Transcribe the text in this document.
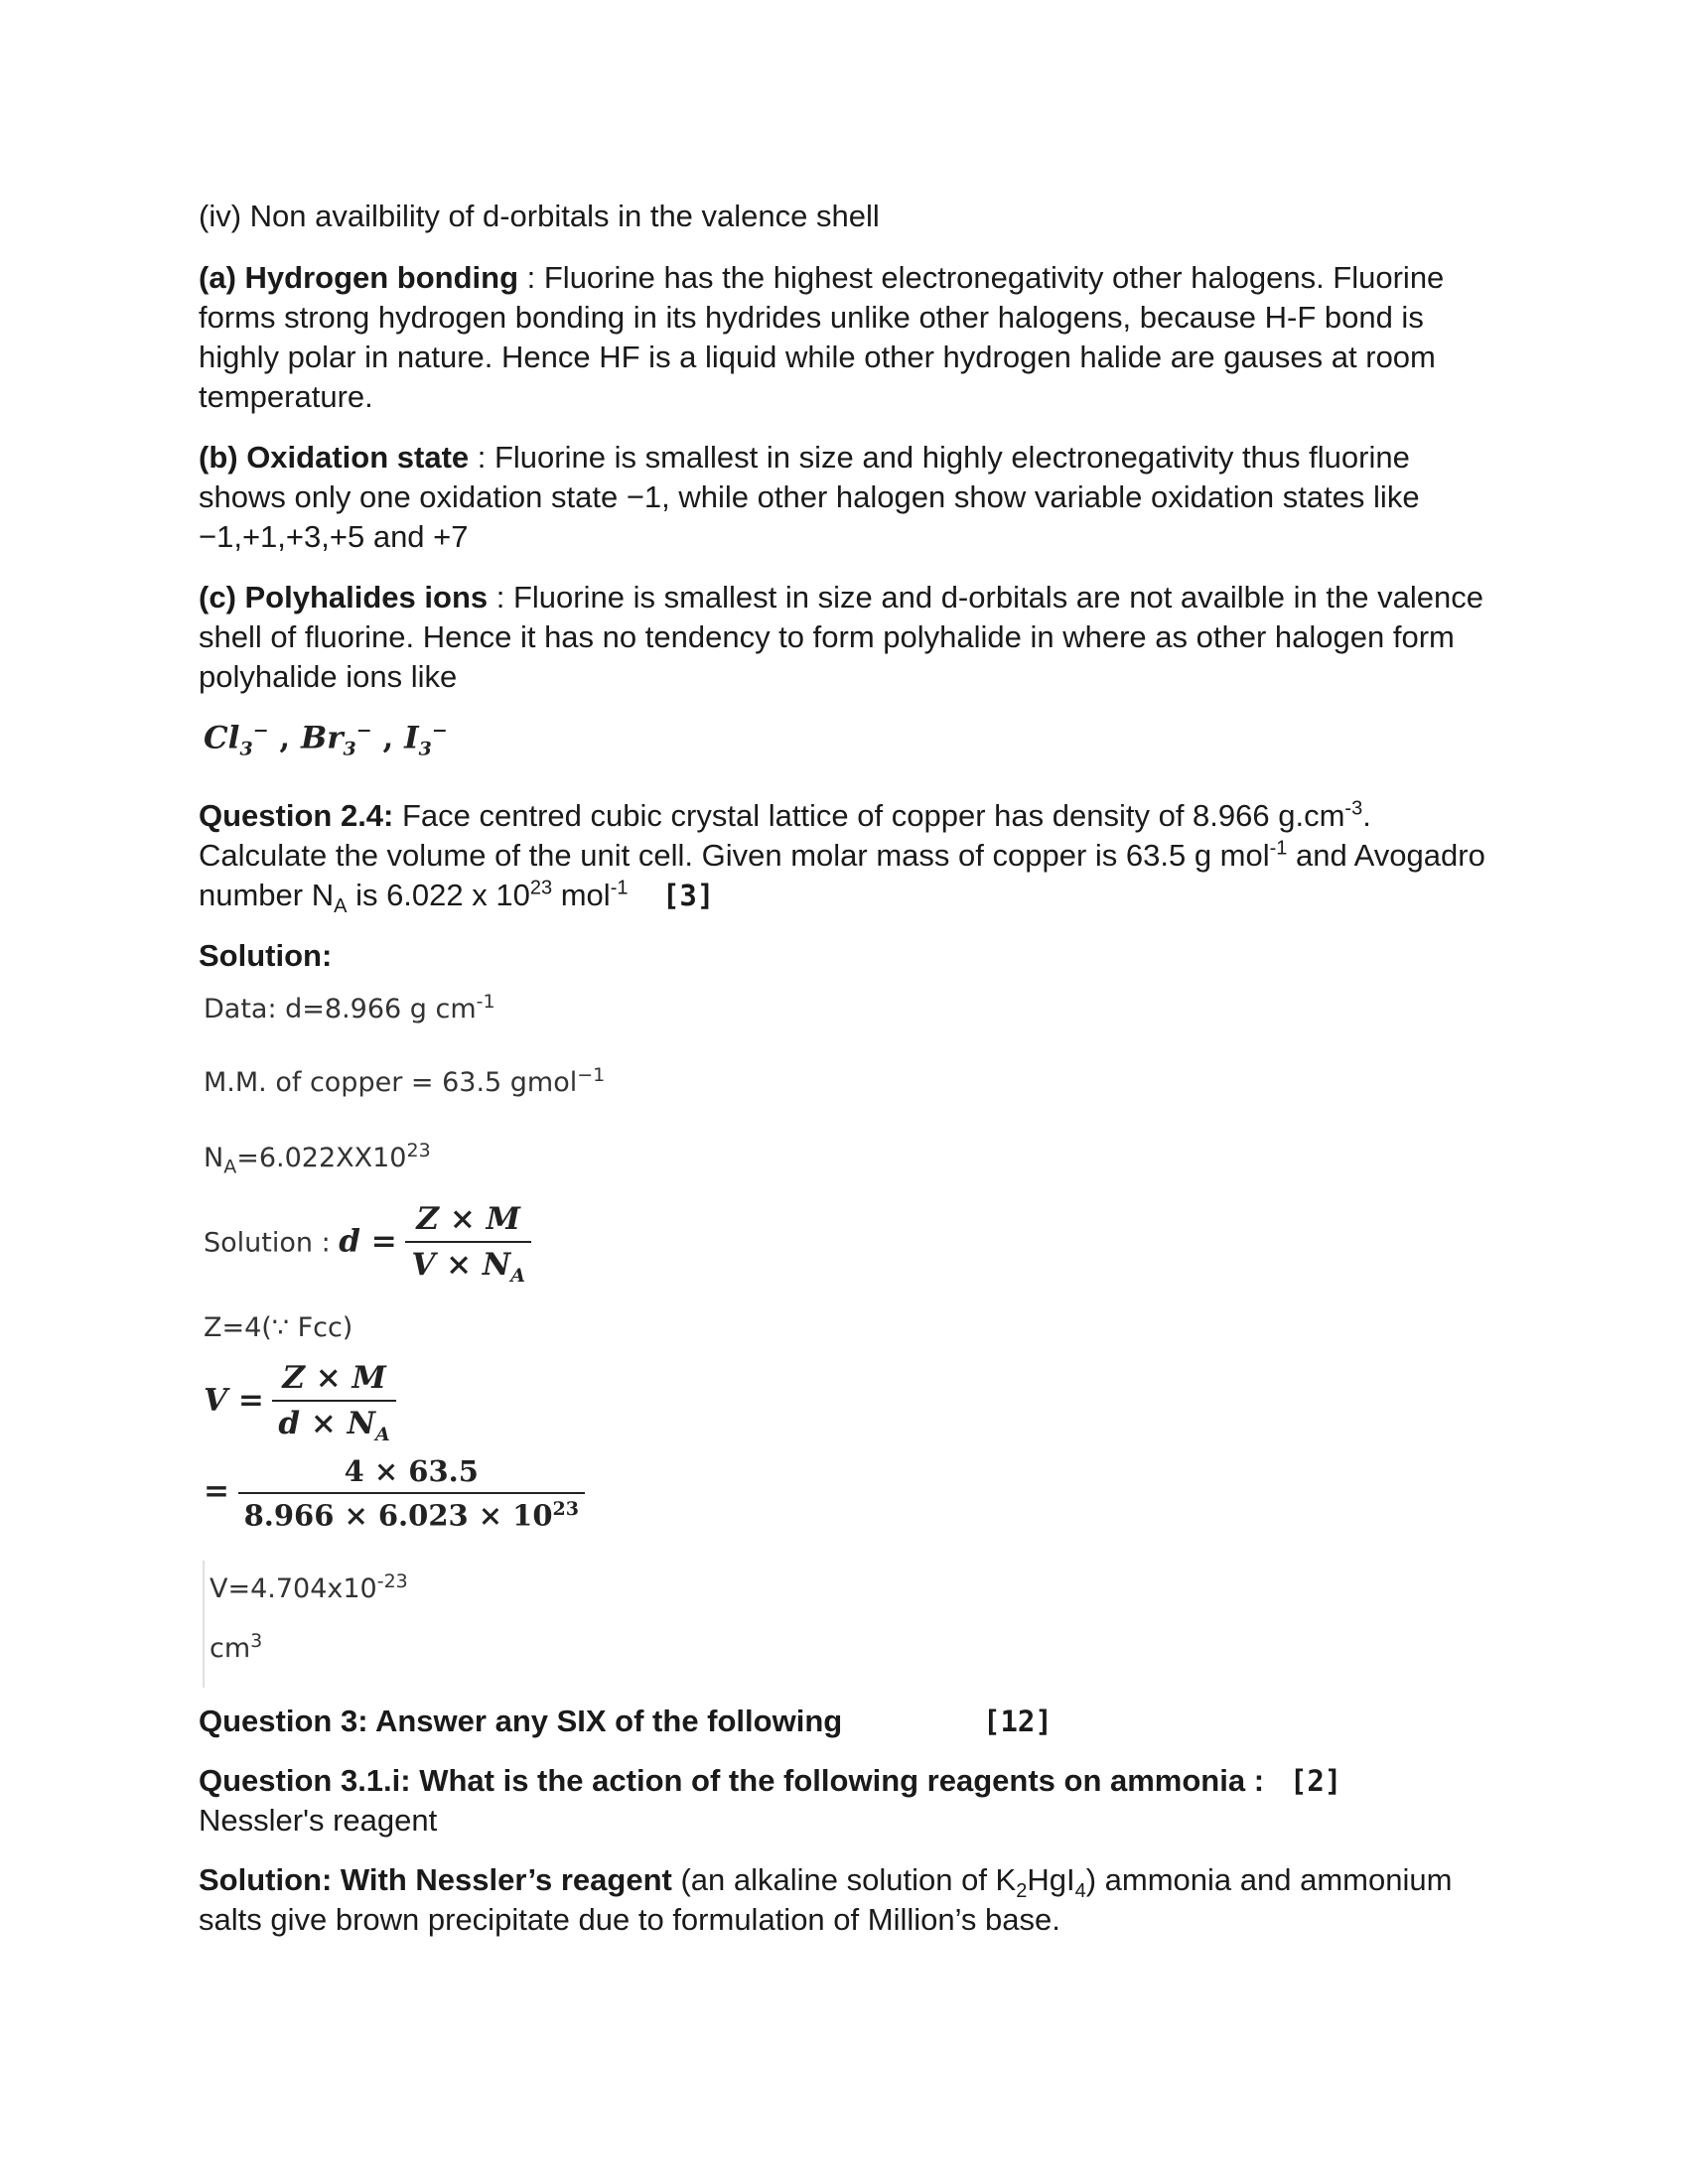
(iv) Non availbility of d-orbitals in the valence shell
(a) Hydrogen bonding : Fluorine has the highest electronegativity other halogens. Fluorine forms strong hydrogen bonding in its hydrides unlike other halogens, because H-F bond is highly polar in nature. Hence HF is a liquid while other hydrogen halide are gauses at room temperature.
(b) Oxidation state : Fluorine is smallest in size and highly electronegativity thus fluorine shows only one oxidation state −1, while other halogen show variable oxidation states like −1,+1,+3,+5 and +7
(c) Polyhalides ions : Fluorine is smallest in size and d-orbitals are not availble in the valence shell of fluorine. Hence it has no tendency to form polyhalide in where as other halogen form polyhalide ions like
$Cl_3^-$ , $Br_3^-$ , $I_3^-$
Question 2.4: Face centred cubic crystal lattice of copper has density of 8.966 $g.cm^{-3}$. Calculate the volume of the unit cell. Given molar mass of copper is 63.5 g mol$^{-1}$ and Avogadro number $N_A$ is 6.022 x $10^{23}$ mol$^{-1}$ [3]
Solution:
Data: d=8.966 g $cm^{-1}$
M.M. of copper = 63.5 gmol$^{-1}$
$N_A=6.022XX10^{23}$
Solution : $d = \frac{Z \times M}{V \times N_A}$
Z=4(∵ Fcc)
$V = \frac{Z \times M}{d \times N_A}$
= $\frac{4 \times 63.5}{8.966 \times 6.023 \times 10^{23}}$
$V=4.704x10^{-23}$
$cm^3$
Question 3: Answer any SIX of the following	[12]
Question 3.1.i: What is the action of the following reagents on ammonia : [2]
Nessler's reagent
Solution: With Nessler’s reagent (an alkaline solution of $K_2HgI_4$) ammonia and ammonium salts give brown precipitate due to formulation of Million’s base.
